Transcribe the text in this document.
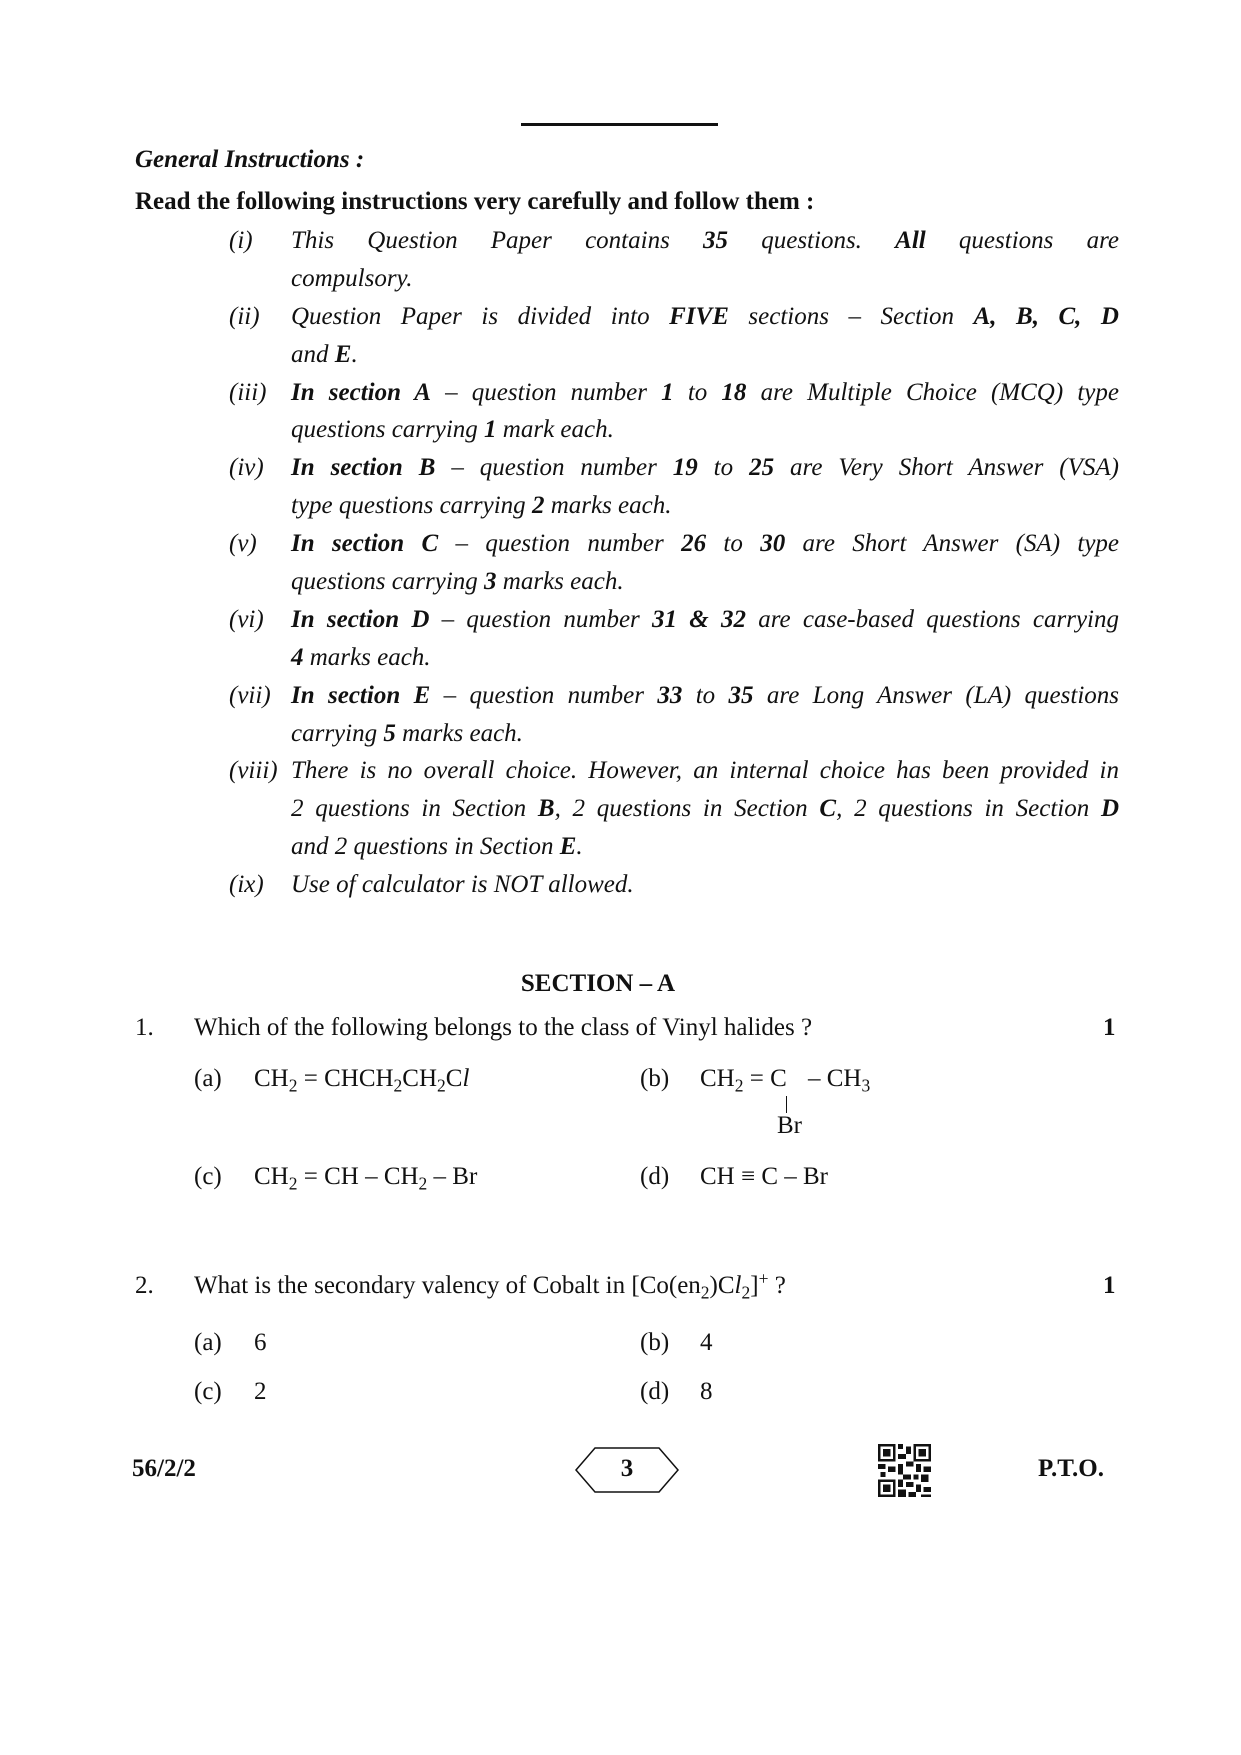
General Instructions :
Read the following instructions very carefully and follow them :
(i) This Question Paper contains 35 questions. All questions are
compulsory.
(ii) Question Paper is divided into FIVE sections – Section A, B, C, D
and E.
(iii) In section A – question number 1 to 18 are Multiple Choice (MCQ) type
questions carrying 1 mark each.
(iv) In section B – question number 19 to 25 are Very Short Answer (VSA)
type questions carrying 2 marks each.
(v) In section C – question number 26 to 30 are Short Answer (SA) type
questions carrying 3 marks each.
(vi) In section D – question number 31 & 32 are case-based questions carrying
4 marks each.
(vii) In section E – question number 33 to 35 are Long Answer (LA) questions
carrying 5 marks each.
(viii) There is no overall choice. However, an internal choice has been provided in
2 questions in Section B, 2 questions in Section C, 2 questions in Section D
and 2 questions in Section E.
(ix) Use of calculator is NOT allowed.
SECTION – A
1. Which of the following belongs to the class of Vinyl halides ?	1
(a) $CH_2$ = $CHCH_2CH_2Cl$	(b) $CH_2 = C - CH_3$
Br
(c) $CH_2$ = CH – $CH_2$ – Br	(d) CH ≡ C – Br
2. What is the secondary valency of Cobalt in $[Co(en_2)Cl_2]^+$ ?	1
(a) 6	(b) 4
(c) 2	(d) 8
56/2/2	3	P.T.O.
